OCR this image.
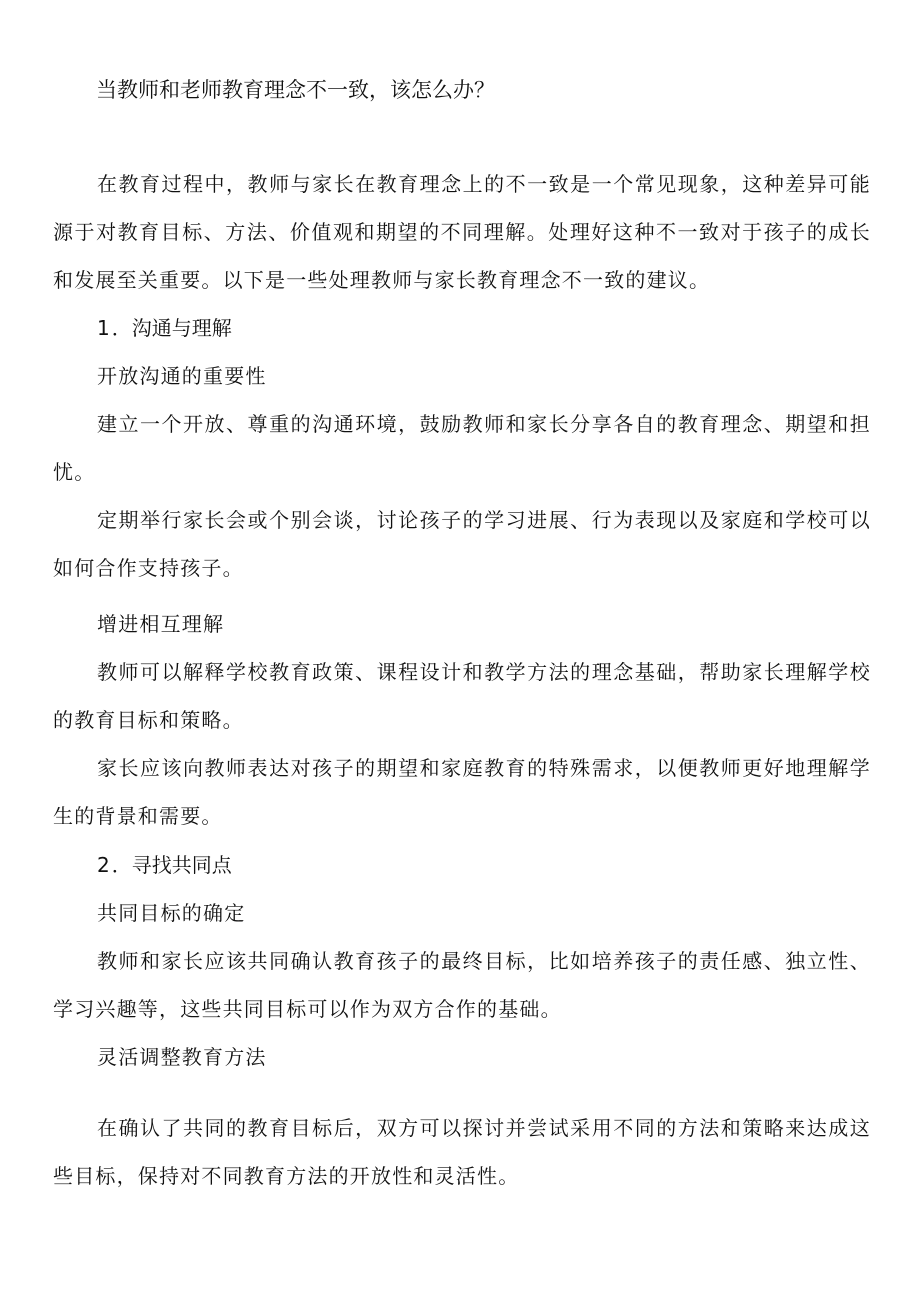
当教师和老师教育理念不一致，该怎么办？

在教育过程中，教师与家长在教育理念上的不一致是一个常见现象，这种差异可能源于对教育目标、方法、价值观和期望的不同理解。处理好这种不一致对于孩子的成长和发展至关重要。以下是一些处理教师与家长教育理念不一致的建议。

1．沟通与理解

开放沟通的重要性

建立一个开放、尊重的沟通环境，鼓励教师和家长分享各自的教育理念、期望和担忧。

定期举行家长会或个别会谈，讨论孩子的学习进展、行为表现以及家庭和学校可以如何合作支持孩子。

增进相互理解

教师可以解释学校教育政策、课程设计和教学方法的理念基础，帮助家长理解学校的教育目标和策略。

家长应该向教师表达对孩子的期望和家庭教育的特殊需求，以便教师更好地理解学生的背景和需要。

2．寻找共同点

共同目标的确定

教师和家长应该共同确认教育孩子的最终目标，比如培养孩子的责任感、独立性、学习兴趣等，这些共同目标可以作为双方合作的基础。

灵活调整教育方法

在确认了共同的教育目标后，双方可以探讨并尝试采用不同的方法和策略来达成这些目标，保持对不同教育方法的开放性和灵活性。
